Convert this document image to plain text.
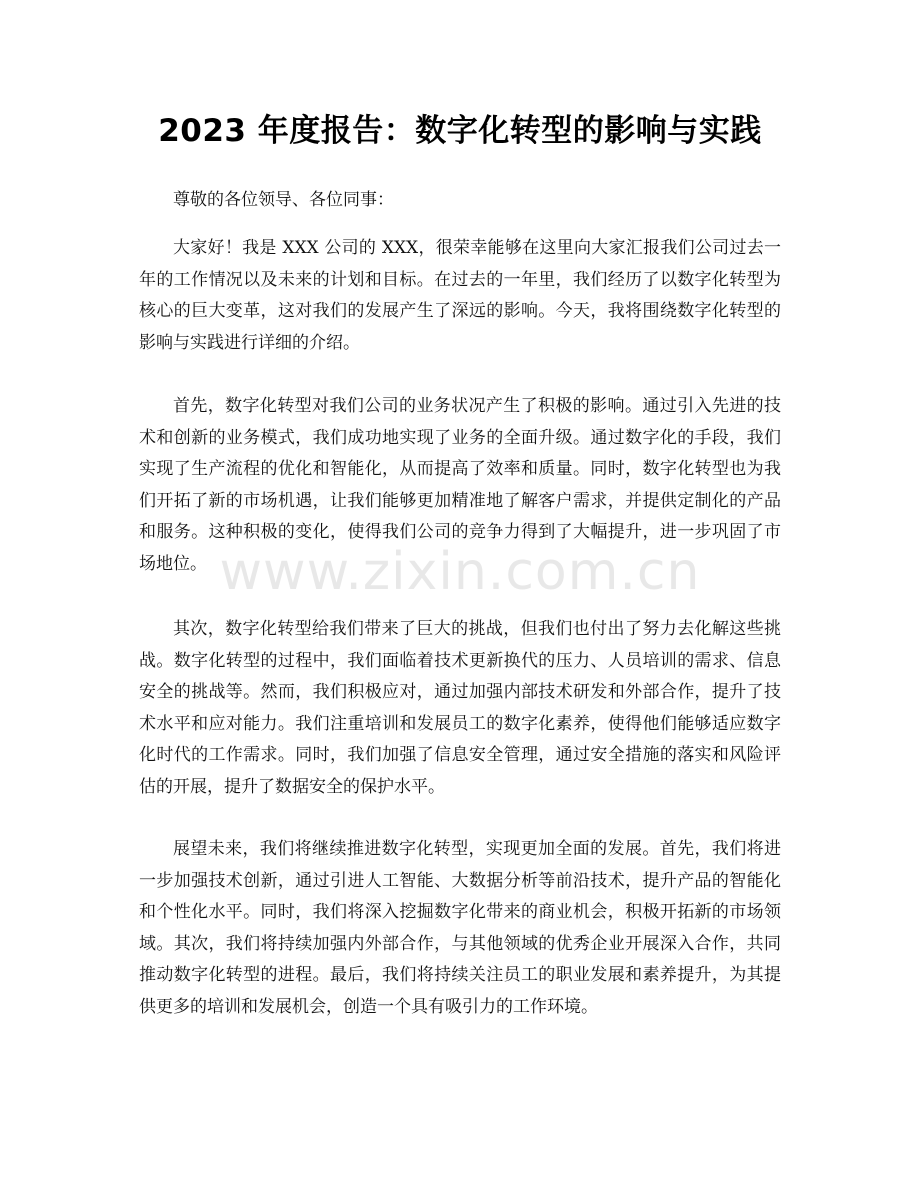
2023 年度报告：数字化转型的影响与实践

尊敬的各位领导、各位同事：

大家好！我是 XXX 公司的 XXX，很荣幸能够在这里向大家汇报我们公司过去一年的工作情况以及未来的计划和目标。在过去的一年里，我们经历了以数字化转型为核心的巨大变革，这对我们的发展产生了深远的影响。今天，我将围绕数字化转型的影响与实践进行详细的介绍。

首先，数字化转型对我们公司的业务状况产生了积极的影响。通过引入先进的技术和创新的业务模式，我们成功地实现了业务的全面升级。通过数字化的手段，我们实现了生产流程的优化和智能化，从而提高了效率和质量。同时，数字化转型也为我们开拓了新的市场机遇，让我们能够更加精准地了解客户需求，并提供定制化的产品和服务。这种积极的变化，使得我们公司的竞争力得到了大幅提升，进一步巩固了市场地位。

其次，数字化转型给我们带来了巨大的挑战，但我们也付出了努力去化解这些挑战。数字化转型的过程中，我们面临着技术更新换代的压力、人员培训的需求、信息安全的挑战等。然而，我们积极应对，通过加强内部技术研发和外部合作，提升了技术水平和应对能力。我们注重培训和发展员工的数字化素养，使得他们能够适应数字化时代的工作需求。同时，我们加强了信息安全管理，通过安全措施的落实和风险评估的开展，提升了数据安全的保护水平。

展望未来，我们将继续推进数字化转型，实现更加全面的发展。首先，我们将进一步加强技术创新，通过引进人工智能、大数据分析等前沿技术，提升产品的智能化和个性化水平。同时，我们将深入挖掘数字化带来的商业机会，积极开拓新的市场领域。其次，我们将持续加强内外部合作，与其他领域的优秀企业开展深入合作，共同推动数字化转型的进程。最后，我们将持续关注员工的职业发展和素养提升，为其提供更多的培训和发展机会，创造一个具有吸引力的工作环境。

www.zixin.com.cn
